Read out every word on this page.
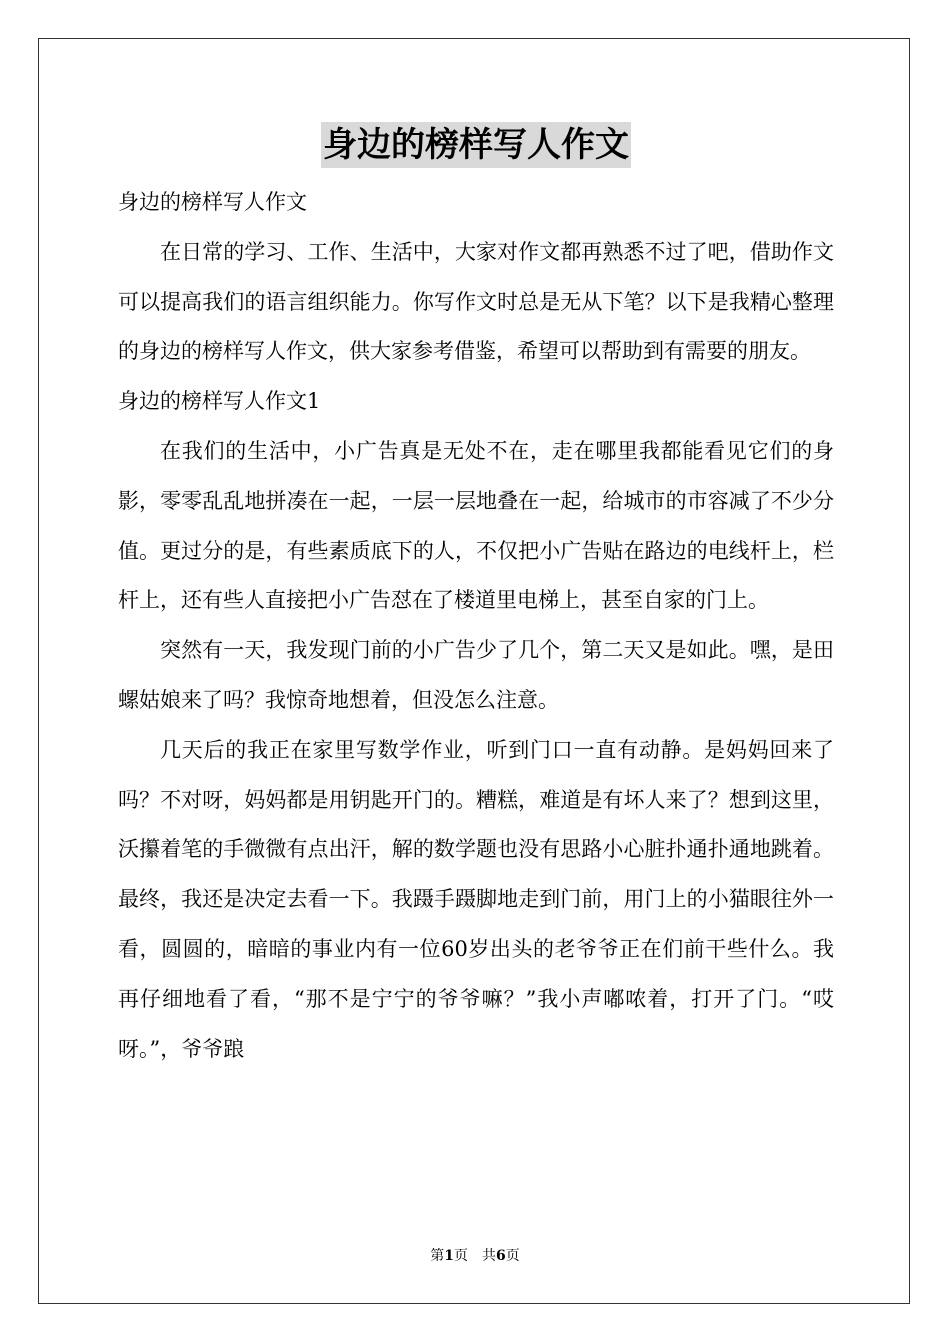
身边的榜样写人作文

身边的榜样写人作文

在日常的学习、工作、生活中，大家对作文都再熟悉不过了吧，借助作文可以提高我们的语言组织能力。你写作文时总是无从下笔？以下是我精心整理的身边的榜样写人作文，供大家参考借鉴，希望可以帮助到有需要的朋友。

身边的榜样写人作文1

在我们的生活中，小广告真是无处不在，走在哪里我都能看见它们的身影，零零乱乱地拼凑在一起，一层一层地叠在一起，给城市的市容减了不少分值。更过分的是，有些素质底下的人，不仅把小广告贴在路边的电线杆上，栏杆上，还有些人直接把小广告怼在了楼道里电梯上，甚至自家的门上。

突然有一天，我发现门前的小广告少了几个，第二天又是如此。嘿，是田螺姑娘来了吗？我惊奇地想着，但没怎么注意。

几天后的我正在家里写数学作业，听到门口一直有动静。是妈妈回来了吗？不对呀，妈妈都是用钥匙开门的。糟糕，难道是有坏人来了？想到这里，沃攥着笔的手微微有点出汗，解的数学题也没有思路小心脏扑通扑通地跳着。最终，我还是决定去看一下。我蹑手蹑脚地走到门前，用门上的小猫眼往外一看，圆圆的，暗暗的事业内有一位60岁出头的老爷爷正在们前干些什么。我再仔细地看了看，“那不是宁宁的爷爷嘛？”我小声嘟哝着，打开了门。“哎呀。”，爷爷踉

第1页 共6页
